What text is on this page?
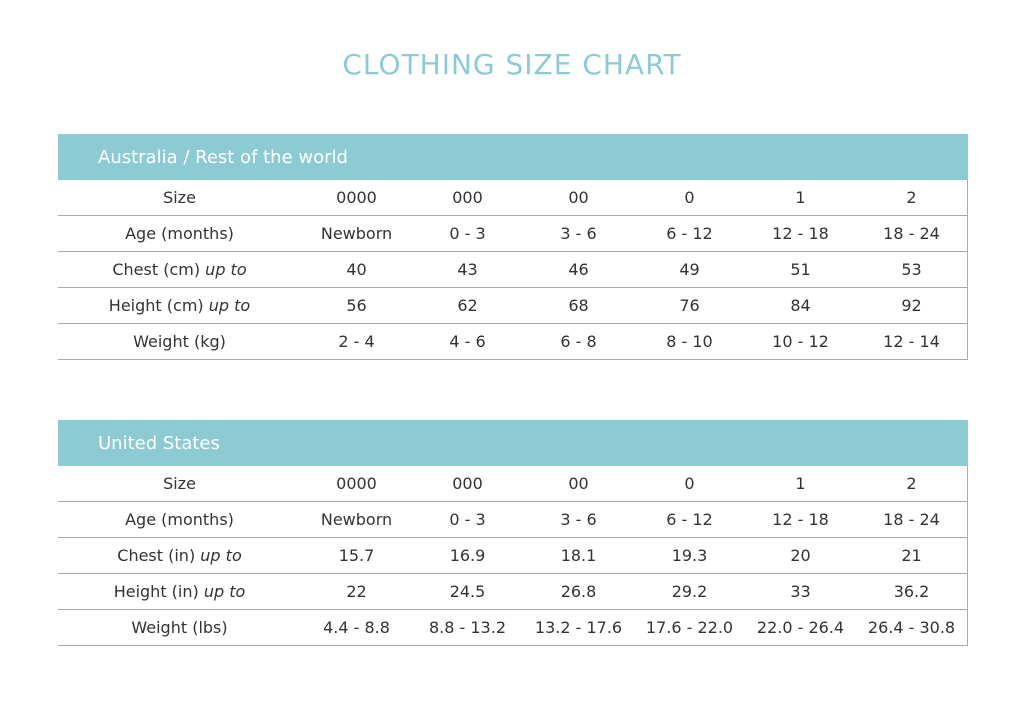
CLOTHING SIZE CHART
Australia / Rest of the world
Size	0000	000	00	0	1	2
Age (months)	Newborn	0 - 3	3 - 6	6 - 12	12 - 18	18 - 24
Chest (cm) up to	40	43	46	49	51	53
Height (cm) up to	56	62	68	76	84	92
Weight (kg)	2 - 4	4 - 6	6 - 8	8 - 10	10 - 12	12 - 14
United States
Size	0000	000	00	0	1	2
Age (months)	Newborn	0 - 3	3 - 6	6 - 12	12 - 18	18 - 24
Chest (in) up to	15.7	16.9	18.1	19.3	20	21
Height (in) up to	22	24.5	26.8	29.2	33	36.2
Weight (lbs)	4.4 - 8.8	8.8 - 13.2	13.2 - 17.6	17.6 - 22.0	22.0 - 26.4	26.4 - 30.8
